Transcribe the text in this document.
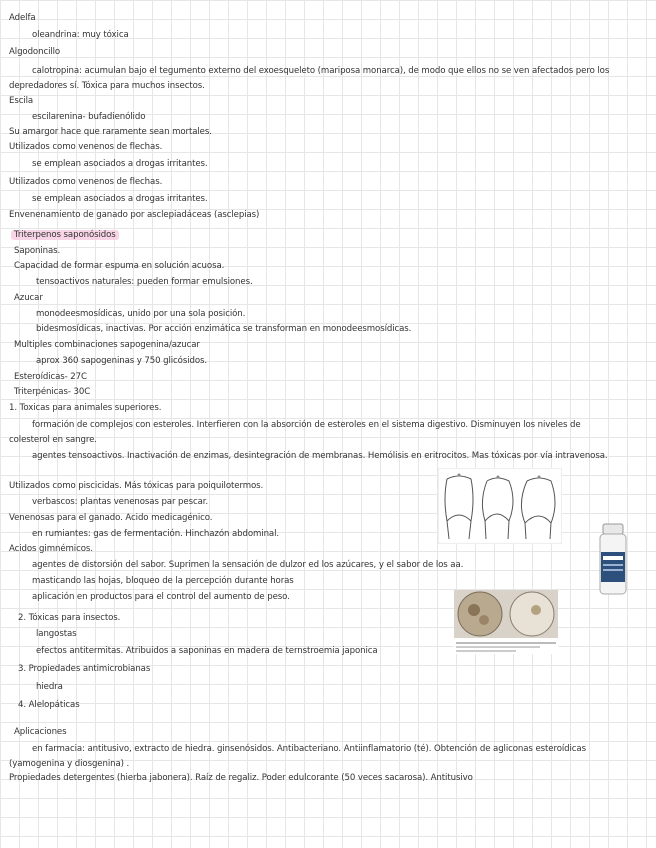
Adelfa
oleandrina: muy tóxica
Algodoncillo
calotropina: acumulan bajo el tegumento externo del exoesqueleto (mariposa monarca), de modo que ellos no se ven afectados pero los depredadores sí. Tóxica para muchos insectos.
Escila
escilarenina- bufadienólido
Su amargor hace que raramente sean mortales.
Utilizados como venenos de flechas.
se emplean asociados a drogas irritantes.
Utilizados como venenos de flechas.
se emplean asociados a drogas irritantes.
Envenenamiento de ganado por asclepiadáceas (asclepias)
Triterpenos saponósidos
Saponinas.
Capacidad de formar espuma en solución acuosa.
tensoactivos naturales: pueden formar emulsiones.
Azucar
monodeesmosídicas, unido por una sola posición.
bidesmosídicas, inactivas. Por acción enzimática se transforman en monodeesmosídicas.
Multiples combinaciones sapogenina/azucar
aprox 360 sapogeninas y 750 glicósidos.
Esteroídicas- 27C
Triterpénicas- 30C
1. Toxicas para animales superiores.
formación de complejos con esteroles. Interfieren con la absorción de esteroles en el sistema digestivo. Disminuyen los niveles de colesterol en sangre.
agentes tensoactivos. Inactivación de enzimas, desintegración de membranas. Hemólisis en eritrocitos. Mas tóxicas por vía intravenosa.
Utilizados como piscicidas. Más tóxicas para poiquilotermos.
verbascos: plantas venenosas par pescar.
Venenosas para el ganado. Acido medicagénico.
en rumiantes: gas de fermentación. Hinchazón abdominal.
Acidos gimnémicos.
agentes de distorsión del sabor. Suprimen la sensación de dulzor ed los azúcares, y el sabor de los aa.
masticando las hojas, bloqueo de la percepción durante horas
aplicación en productos para el control del aumento de peso.
2. Tóxicas para insectos.
langostas
efectos antitermitas. Atribuidos a saponinas en madera de ternstroemia japonica
3. Propiedades antimicrobianas
hiedra
4. Alelopáticas
Aplicaciones
en farmacia: antitusivo, extracto de hiedra. ginsenósidos. Antibacteriano. Antiinflamatorio (té). Obtención de agliconas esteroídicas (yamogenina y diosgenina) .
Propiedades detergentes (hierba jabonera). Raíz de regaliz. Poder edulcorante (50 veces sacarosa). Antitusivo
